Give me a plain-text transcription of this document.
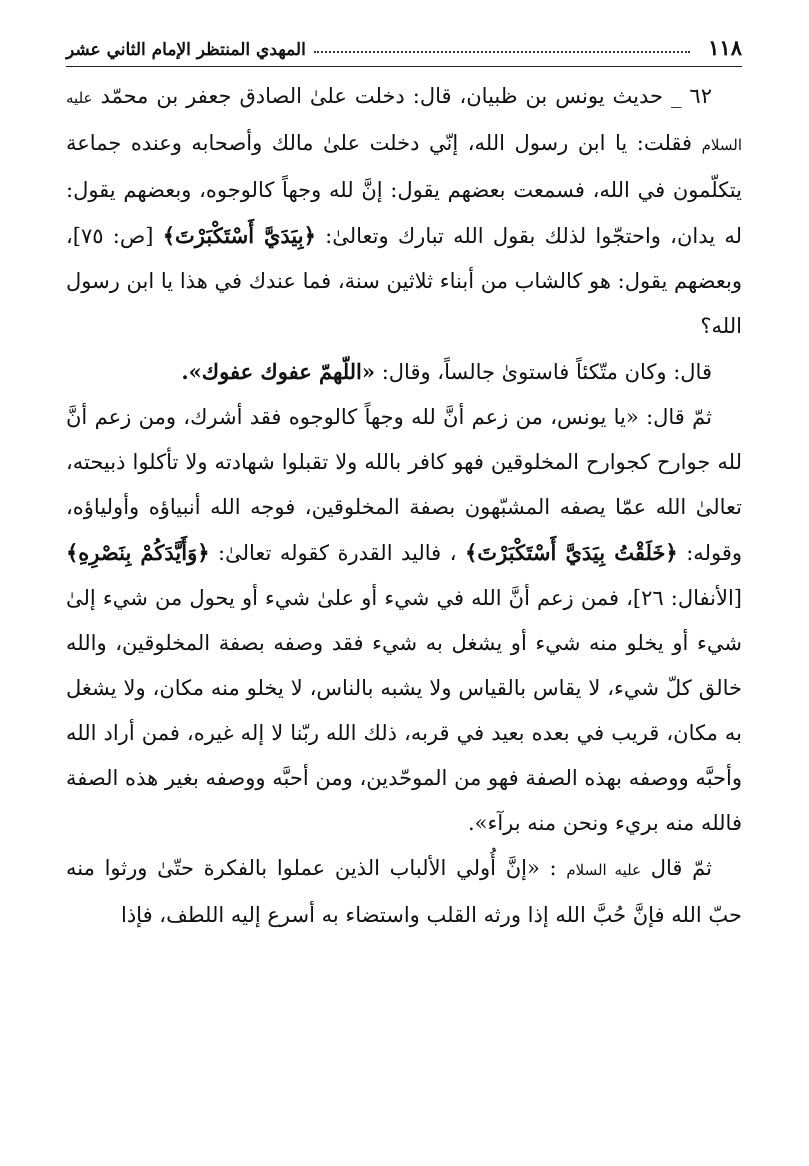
١١٨
المهدي المنتظر الإمام الثاني عشر

٦٢ _ حديث يونس بن ظبيان، قال: دخلت علىٰ الصادق جعفر بن محمّد عليه السلام فقلت: يا ابن رسول الله، إنّي دخلت علىٰ مالك وأصحابه وعنده جماعة يتكلّمون في الله، فسمعت بعضهم يقول: إنَّ لله وجهاً كالوجوه، وبعضهم يقول: له يدان، واحتجّوا لذلك بقول الله تبارك وتعالىٰ: ﴿بِيَدَيَّ أَسْتَكْبَرْتَ﴾ [ص: ٧٥]، وبعضهم يقول: هو كالشاب من أبناء ثلاثين سنة، فما عندك في هذا يا ابن رسول الله؟

قال: وكان متّكئاً فاستوىٰ جالساً، وقال: «اللّهمّ عفوك عفوك».

ثمّ قال: «يا يونس، من زعم أنَّ لله وجهاً كالوجوه فقد أشرك، ومن زعم أنَّ لله جوارح كجوارح المخلوقين فهو كافر بالله ولا تقبلوا شهادته ولا تأكلوا ذبيحته، تعالىٰ الله عمّا يصفه المشبّهون بصفة المخلوقين، فوجه الله أنبياؤه وأولياؤه، وقوله: ﴿خَلَقْتُ بِيَدَيَّ أَسْتَكْبَرْتَ﴾ ، فاليد القدرة كقوله تعالىٰ: ﴿وَأَيَّدَكُمْ بِنَصْرِهِ﴾ [الأنفال: ٢٦]، فمن زعم أنَّ الله في شيء أو علىٰ شيء أو يحول من شيء إلىٰ شيء أو يخلو منه شيء أو يشغل به شيء فقد وصفه بصفة المخلوقين، والله خالق كلّ شيء، لا يقاس بالقياس ولا يشبه بالناس، لا يخلو منه مكان، ولا يشغل به مكان، قريب في بعده بعيد في قربه، ذلك الله ربّنا لا إله غيره، فمن أراد الله وأحبَّه ووصفه بهذه الصفة فهو من الموحّدين، ومن أحبَّه ووصفه بغير هذه الصفة فالله منه بريء ونحن منه برآء».

ثمّ قال عليه السلام : «إنَّ أُولي الألباب الذين عملوا بالفكرة حتّىٰ ورثوا منه حبّ الله فإنَّ حُبَّ الله إذا ورثه القلب واستضاء به أسرع إليه اللطف، فإذا
